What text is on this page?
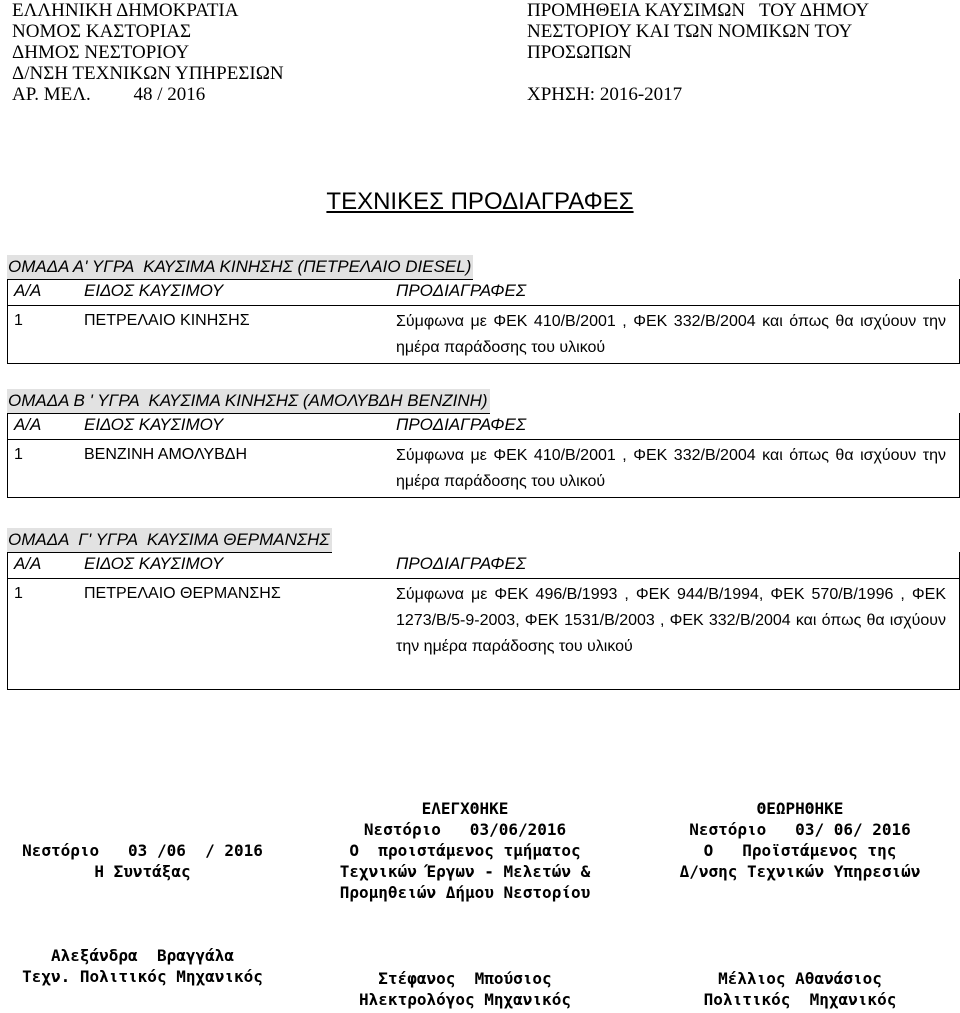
ΕΛΛΗΝΙΚΗ ΔΗΜΟΚΡΑΤΙΑ
ΝΟΜΟΣ ΚΑΣΤΟΡΙΑΣ
ΔΗΜΟΣ ΝΕΣΤΟΡΙΟΥ
Δ/ΝΣΗ ΤΕΧΝΙΚΩΝ ΥΠΗΡΕΣΙΩΝ
ΑΡ. ΜΕΛ. 48 / 2016
ΠΡΟΜΗΘΕΙΑ ΚΑΥΣΙΜΩΝ   ΤΟΥ ΔΗΜΟΥ
ΝΕΣΤΟΡΙΟΥ ΚΑΙ ΤΩΝ ΝΟΜΙΚΩΝ ΤΟΥ
ΠΡΟΣΩΠΩΝ
ΧΡΗΣΗ: 2016-2017
ΤΕΧΝΙΚΕΣ ΠΡΟΔΙΑΓΡΑΦΕΣ
ΟΜΑΔΑ Α' ΥΓΡΑ  ΚΑΥΣΙΜΑ ΚΙΝΗΣΗΣ (ΠΕΤΡΕΛΑΙΟ DIESEL)
Α/Α	ΕΙΔΟΣ ΚΑΥΣΙΜΟΥ	ΠΡΟΔΙΑΓΡΑΦΕΣ
1	ΠΕΤΡΕΛΑΙΟ ΚΙΝΗΣΗΣ	Σύμφωνα με ΦΕΚ 410/Β/2001 , ΦΕΚ 332/Β/2004 και όπως θα ισχύουν την ημέρα παράδοσης του υλικού
ΟΜΑΔΑ Β ' ΥΓΡΑ  ΚΑΥΣΙΜΑ ΚΙΝΗΣΗΣ (ΑΜΟΛΥΒΔΗ ΒΕΝΖΙΝΗ)
Α/Α	ΕΙΔΟΣ ΚΑΥΣΙΜΟΥ	ΠΡΟΔΙΑΓΡΑΦΕΣ
1	ΒΕΝΖΙΝΗ ΑΜΟΛΥΒΔΗ	Σύμφωνα με ΦΕΚ 410/Β/2001 , ΦΕΚ 332/Β/2004 και όπως θα ισχύουν την ημέρα παράδοσης του υλικού
ΟΜΑΔΑ  Γ' ΥΓΡΑ  ΚΑΥΣΙΜΑ ΘΕΡΜΑΝΣΗΣ
Α/Α	ΕΙΔΟΣ ΚΑΥΣΙΜΟΥ	ΠΡΟΔΙΑΓΡΑΦΕΣ
1	ΠΕΤΡΕΛΑΙΟ ΘΕΡΜΑΝΣΗΣ	Σύμφωνα με ΦΕΚ 496/Β/1993 , ΦΕΚ 944/Β/1994, ΦΕΚ 570/Β/1996 , ΦΕΚ 1273/Β/5-9-2003, ΦΕΚ 1531/Β/2003 , ΦΕΚ 332/Β/2004 και όπως θα ισχύουν την ημέρα παράδοσης του υλικού
Νεστόριο   03 /06  / 2016
Η Συντάξας
Αλεξάνδρα  Βραγγάλα
Τεχν. Πολιτικός Μηχανικός
ΕΛΕΓΧΘΗΚΕ
Νεστόριο   03/06/2016
Ο  προιστάμενος τμήματος
Τεχνικών Έργων - Μελετών &
Προμηθειών Δήμου Νεστορίου
Στέφανος  Μπούσιος
Ηλεκτρολόγος Μηχανικός
ΘΕΩΡΗΘΗΚΕ
Νεστόριο   03/ 06/ 2016
Ο   Προϊστάμενος της
Δ/νσης Τεχνικών Υπηρεσιών
Μέλλιος Αθανάσιος
Πολιτικός  Μηχανικός
